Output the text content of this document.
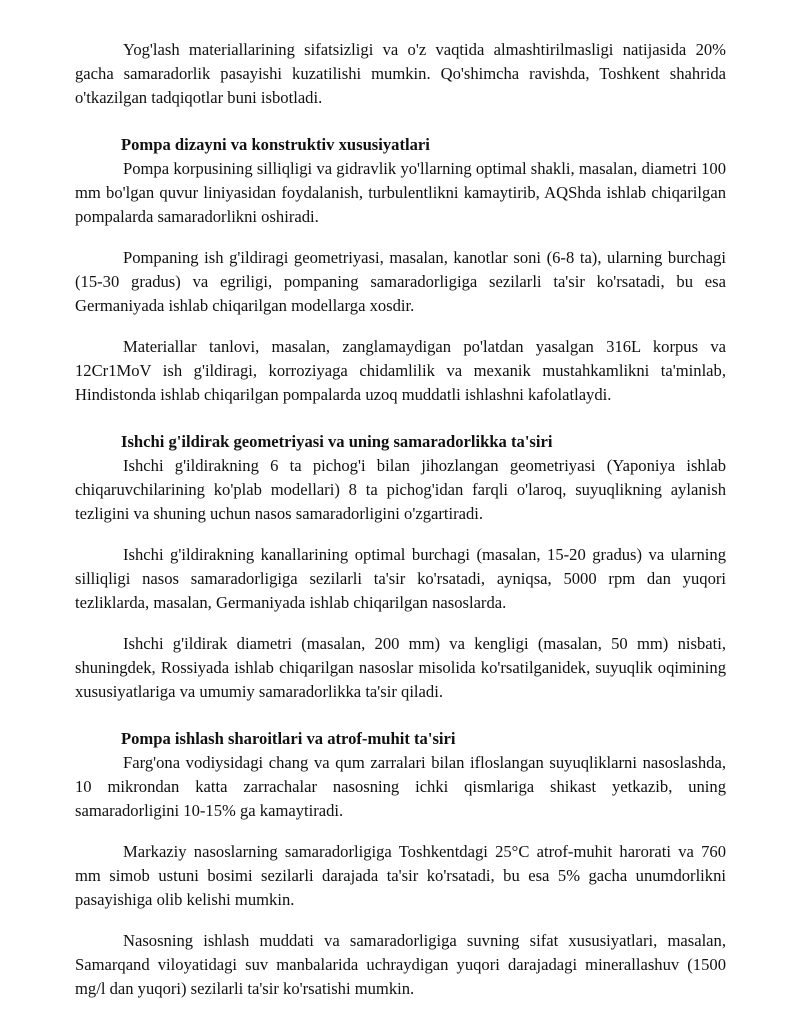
Yog'lash materiallarining sifatsizligi va o'z vaqtida almashtirilmasligi natijasida 20% gacha samaradorlik pasayishi kuzatilishi mumkin. Qo'shimcha ravishda, Toshkent shahrida o'tkazilgan tadqiqotlar buni isbotladi.

Pompa dizayni va konstruktiv xususiyatlari

Pompa korpusining silliqligi va gidravlik yo'llarning optimal shakli, masalan, diametri 100 mm bo'lgan quvur liniyasidan foydalanish, turbulentlikni kamaytirib, AQShda ishlab chiqarilgan pompalarda samaradorlikni oshiradi.

Pompaning ish g'ildiragi geometriyasi, masalan, kanotlar soni (6-8 ta), ularning burchagi (15-30 gradus) va egriligi, pompaning samaradorligiga sezilarli ta'sir ko'rsatadi, bu esa Germaniyada ishlab chiqarilgan modellarga xosdir.

Materiallar tanlovi, masalan, zanglamaydigan po'latdan yasalgan 316L korpus va 12Cr1MoV ish g'ildiragi, korroziyaga chidamlilik va mexanik mustahkamlikni ta'minlab, Hindistonda ishlab chiqarilgan pompalarda uzoq muddatli ishlashni kafolatlaydi.

Ishchi g'ildirak geometriyasi va uning samaradorlikka ta'siri

Ishchi g'ildirakning 6 ta pichog'i bilan jihozlangan geometriyasi (Yaponiya ishlab chiqaruvchilarining ko'plab modellari) 8 ta pichog'idan farqli o'laroq, suyuqlikning aylanish tezligini va shuning uchun nasos samaradorligini o'zgartiradi.

Ishchi g'ildirakning kanallarining optimal burchagi (masalan, 15-20 gradus) va ularning silliqligi nasos samaradorligiga sezilarli ta'sir ko'rsatadi, ayniqsa, 5000 rpm dan yuqori tezliklarda, masalan, Germaniyada ishlab chiqarilgan nasoslarda.

Ishchi g'ildirak diametri (masalan, 200 mm) va kengligi (masalan, 50 mm) nisbati, shuningdek, Rossiyada ishlab chiqarilgan nasoslar misolida ko'rsatilganidek, suyuqlik oqimining xususiyatlariga va umumiy samaradorlikka ta'sir qiladi.

Pompa ishlash sharoitlari va atrof-muhit ta'siri

Farg'ona vodiysidagi chang va qum zarralari bilan ifloslangan suyuqliklarni nasoslashda, 10 mikrondan katta zarrachalar nasosning ichki qismlariga shikast yetkazib, uning samaradorligini 10-15% ga kamaytiradi.

Markaziy nasoslarning samaradorligiga Toshkentdagi 25°C atrof-muhit harorati va 760 mm simob ustuni bosimi sezilarli darajada ta'sir ko'rsatadi, bu esa 5% gacha unumdorlikni pasayishiga olib kelishi mumkin.

Nasosning ishlash muddati va samaradorligiga suvning sifat xususiyatlari, masalan, Samarqand viloyatidagi suv manbalarida uchraydigan yuqori darajadagi minerallashuv (1500 mg/l dan yuqori) sezilarli ta'sir ko'rsatishi mumkin.
